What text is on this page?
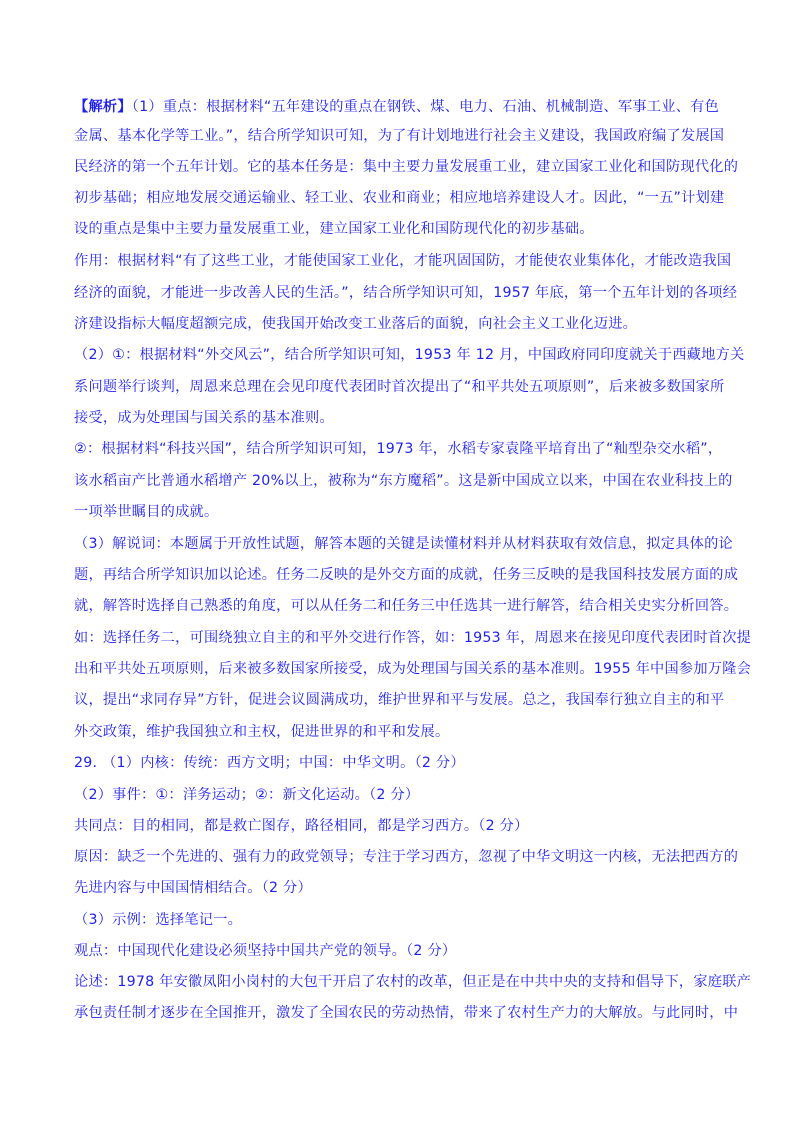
【解析】（1）重点：根据材料“五年建设的重点在钢铁、煤、电力、石油、机械制造、军事工业、有色
金属、基本化学等工业。”，结合所学知识可知，为了有计划地进行社会主义建设，我国政府编了发展国
民经济的第一个五年计划。它的基本任务是：集中主要力量发展重工业，建立国家工业化和国防现代化的
初步基础；相应地发展交通运输业、轻工业、农业和商业；相应地培养建设人才。因此，“一五”计划建
设的重点是集中主要力量发展重工业，建立国家工业化和国防现代化的初步基础。
作用：根据材料“有了这些工业，才能使国家工业化，才能巩固国防，才能使农业集体化，才能改造我国
经济的面貌，才能进一步改善人民的生活。”，结合所学知识可知，1957 年底，第一个五年计划的各项经
济建设指标大幅度超额完成，使我国开始改变工业落后的面貌，向社会主义工业化迈进。
（2）①：根据材料“外交风云”，结合所学知识可知，1953 年 12 月，中国政府同印度就关于西藏地方关
系问题举行谈判，周恩来总理在会见印度代表团时首次提出了“和平共处五项原则”，后来被多数国家所
接受，成为处理国与国关系的基本准则。
②：根据材料“科技兴国”，结合所学知识可知，1973 年，水稻专家袁隆平培育出了“籼型杂交水稻”，
该水稻亩产比普通水稻增产 20%以上，被称为“东方魔稻”。这是新中国成立以来，中国在农业科技上的
一项举世瞩目的成就。
（3）解说词：本题属于开放性试题，解答本题的关键是读懂材料并从材料获取有效信息，拟定具体的论
题，再结合所学知识加以论述。任务二反映的是外交方面的成就，任务三反映的是我国科技发展方面的成
就，解答时选择自己熟悉的角度，可以从任务二和任务三中任选其一进行解答，结合相关史实分析回答。
如：选择任务二，可围绕独立自主的和平外交进行作答，如：1953 年，周恩来在接见印度代表团时首次提
出和平共处五项原则，后来被多数国家所接受，成为处理国与国关系的基本准则。1955 年中国参加万隆会
议，提出“求同存异”方针，促进会议圆满成功，维护世界和平与发展。总之，我国奉行独立自主的和平
外交政策，维护我国独立和主权，促进世界的和平和发展。
29. （1）内核：传统：西方文明；中国：中华文明。（2 分）
（2）事件：①：洋务运动；②：新文化运动。（2 分）
共同点：目的相同，都是救亡图存，路径相同，都是学习西方。（2 分）
原因：缺乏一个先进的、强有力的政党领导；专注于学习西方，忽视了中华文明这一内核，无法把西方的
先进内容与中国国情相结合。（2 分）
（3）示例：选择笔记一。
观点：中国现代化建设必须坚持中国共产党的领导。（2 分）
论述：1978 年安徽凤阳小岗村的大包干开启了农村的改革，但正是在中共中央的支持和倡导下，家庭联产
承包责任制才逐步在全国推开，激发了全国农民的劳动热情，带来了农村生产力的大解放。与此同时，中
